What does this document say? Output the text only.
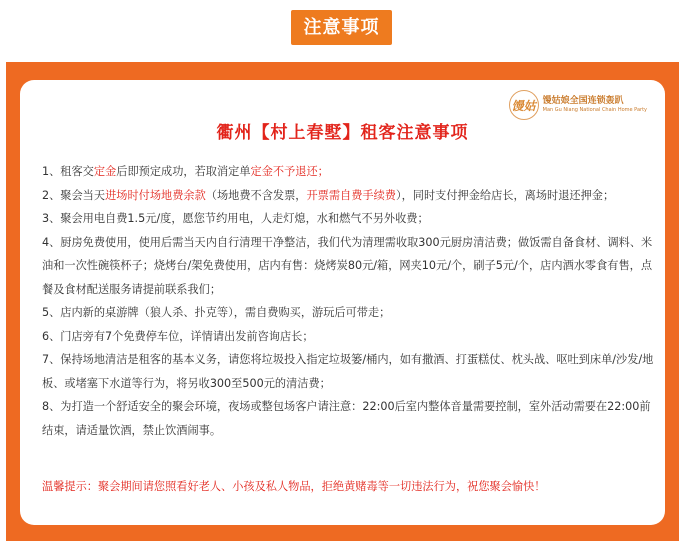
注意事项
馒姑 馒姑娘全国连锁轰趴
Man Gu Niang National Chain Home Party
衢州【村上春墅】租客注意事项

1、租客交定金后即预定成功，若取消定单定金不予退还；

2、聚会当天进场时付场地费余款（场地费不含发票，开票需自费手续费），同时支付押金给店长，离场时退还押金；

3、聚会用电自费1.5元/度，愿您节约用电，人走灯熄，水和燃气不另外收费；

4、厨房免费使用，使用后需当天内自行清理干净整洁，我们代为清理需收取300元厨房清洁费；做饭需自备食材、调料、米油和一次性碗筷杯子；烧烤台/架免费使用，店内有售：烧烤炭80元/箱，网夹10元/个，刷子5元/个，店内酒水零食有售，点餐及食材配送服务请提前联系我们；

5、店内新的桌游牌（狼人杀、扑克等），需自费购买，游玩后可带走；

6、门店旁有7个免费停车位，详情请出发前咨询店长；

7、保持场地清洁是租客的基本义务，请您将垃圾投入指定垃圾篓/桶内，如有撒酒、打蛋糕仗、枕头战、呕吐到床单/沙发/地板、或堵塞下水道等行为，将另收300至500元的清洁费；

8、为打造一个舒适安全的聚会环境，夜场或整包场客户请注意：22:00后室内整体音量需要控制，室外活动需要在22:00前结束，请适量饮酒，禁止饮酒闹事。

温馨提示：聚会期间请您照看好老人、小孩及私人物品，拒绝黄赌毒等一切违法行为，祝您聚会愉快！
